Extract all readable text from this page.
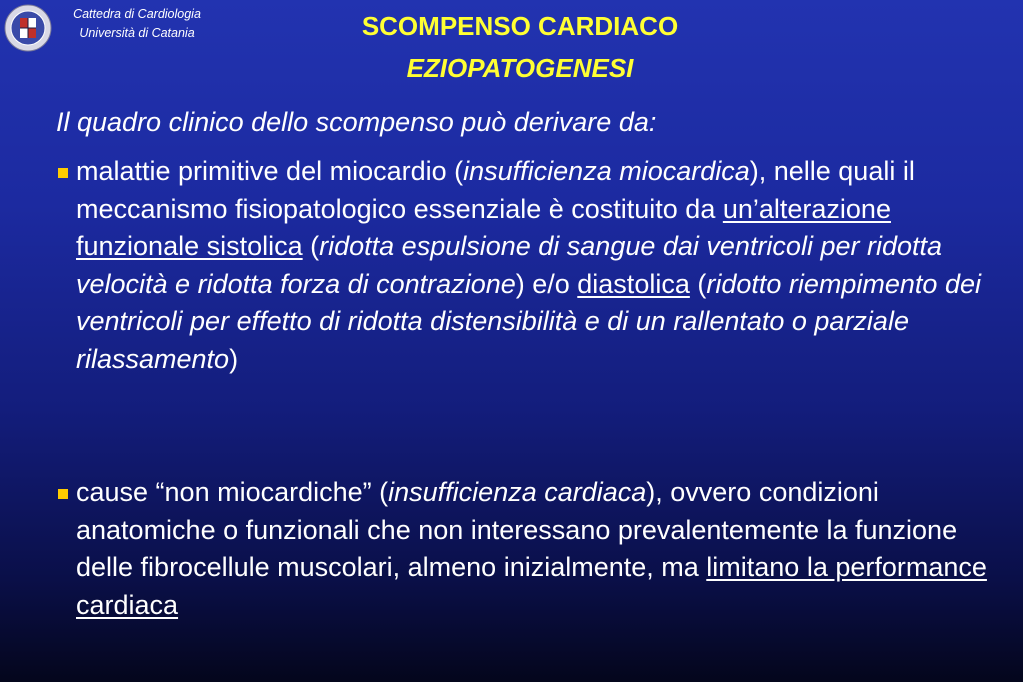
Cattedra di Cardiologia
Università di Catania	SCOMPENSO CARDIACO
EZIOPATOGENESI
Il quadro clinico dello scompenso può derivare da:
malattie primitive del miocardio (insufficienza miocardica), nelle quali il meccanismo fisiopatologico essenziale è costituito da un’alterazione funzionale sistolica (ridotta espulsione di sangue dai ventricoli per ridotta velocità e ridotta forza di contrazione) e/o diastolica (ridotto riempimento dei ventricoli per effetto di ridotta distensibilità e di un rallentato o parziale rilassamento)
cause “non miocardiche” (insufficienza cardiaca), ovvero condizioni anatomiche o funzionali che non interessano prevalentemente la funzione delle fibrocellule muscolari, almeno inizialmente, ma limitano la performance cardiaca
